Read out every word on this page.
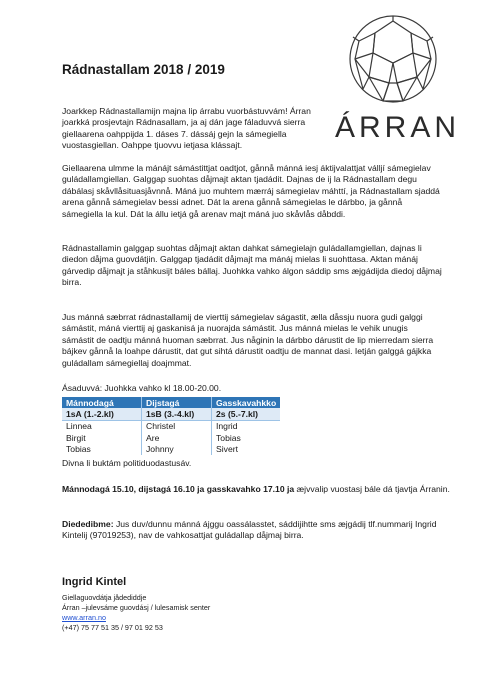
Rádnastallam 2018 / 2019
ÁRRAN

Joarkkep Rádnastallamijn majna lip árrabu vuorbástuvvám! Árran joarkká prosjevtajn Rádnasallam, ja aj dán jage fáladuvvá sierra giellaarena oahppijda 1. dáses 7. dássáj gejn la sámegiella vuostasgiellan. Oahppe tjuovvu ietjasa klássajt.

Giellaarena ulmme la mánájt sámástittjat oadtjot, gånnå mánná iesj áktijvalattjat válljí sámegielav guládallamgiellan. Galggap suohtas dåjmajt aktan tjadádit. Dajnas de ij la Rádnastallam degu dábálasj skåvllåsituasjåvnnå. Máná juo muhtem mærráj sámegielav máhttí, ja Rádnastallam sjaddá arena gånnå sámegielav bessi adnet. Dát la arena gånnå sámegielas le dárbbo, ja gånnå sámegiella la kul. Dát la állu ietjá gå arenav majt máná juo skåvlås dåbddi.

Rádnastallamin galggap suohtas dåjmajt aktan dahkat sámegielajn guládallamgiellan, dajnas li diedon dåjma guovdátjin. Galggap tjadádit dåjmajt ma mánáj mielas li suohttasa. Aktan mánáj gárvedip dåjmajt ja ståhkusijt báles bállaj. Juohkka vahko álgon sáddip sms æjgádijda diedoj dåjmaj birra.

Jus mánná sæbrrat rádnastallamij de vierttij sámegielav ságastit, ælla dåssju nuora gudi galggi sámástit, máná vierttij aj gaskanisá ja nuorajda sámástit. Jus mánná mielas le vehik unugis sámástit de oadtju mánná huoman sæbrrat. Jus någinin la dárbbo dárustit de lip mierredam sierra bájkev gånnå la loahpe dárustit, dat gut sihtá dárustit oadtju de mannat dasi. Ietján galggá gájkka guládallam sámegiellaj doajmmat.

Ásaduvvá: Juohkka vahko kl 18.00-20.00.

Mánnodagá	Dijstagá	Gasskavahkko
1sA (1.-2.kl)	1sB (3.-4.kl)	2s (5.-7.kl)
Linnea	Christel	Ingrid
Birgit	Are	Tobias
Tobias	Johnny	Sivert

Divna li buktám politiduodastusáv.

Mánnodagá 15.10, dijstagá 16.10 ja gasskavahko 17.10 ja æjvvalip vuostasj bále dá tjavtja Árranin.

Diededibme: Jus duv/dunnu mánná ájggu oassálasstet, sáddijihtte sms æjgádij tlf.nummarij Ingrid Kintelij (97019253), nav de vahkosattjat guládallap dåjmaj birra.

Ingrid Kintel

Giellaguovdátja jådediddje

Árran –julevsáme guovdásj / lulesamisk senter

www.arran.no

(+47) 75 77 51 35 / 97 01 92 53
